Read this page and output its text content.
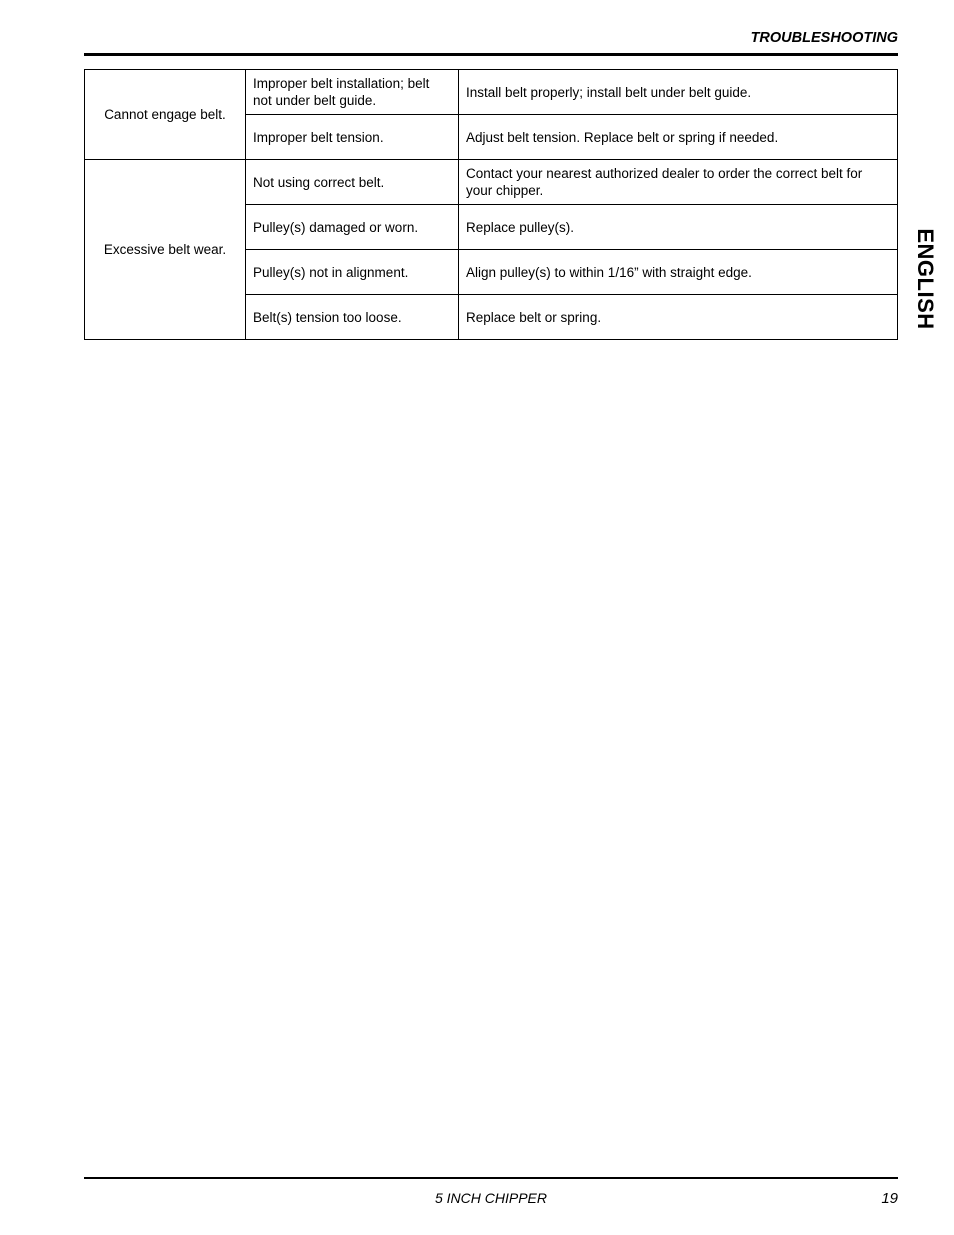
TROUBLESHOOTING
Cannot engage belt.	Improper belt installation; belt not under belt guide.	Install belt properly; install belt under belt guide.
	Improper belt tension.	Adjust belt tension. Replace belt or spring if needed.
Excessive belt wear.	Not using correct belt.	Contact your nearest authorized dealer to order the correct belt for your chipper.
	Pulley(s) damaged or worn.	Replace pulley(s).
	Pulley(s) not in alignment.	Align pulley(s) to within 1/16” with straight edge.
	Belt(s) tension too loose.	Replace belt or spring.	ENGLISH
5 INCH CHIPPER	19
